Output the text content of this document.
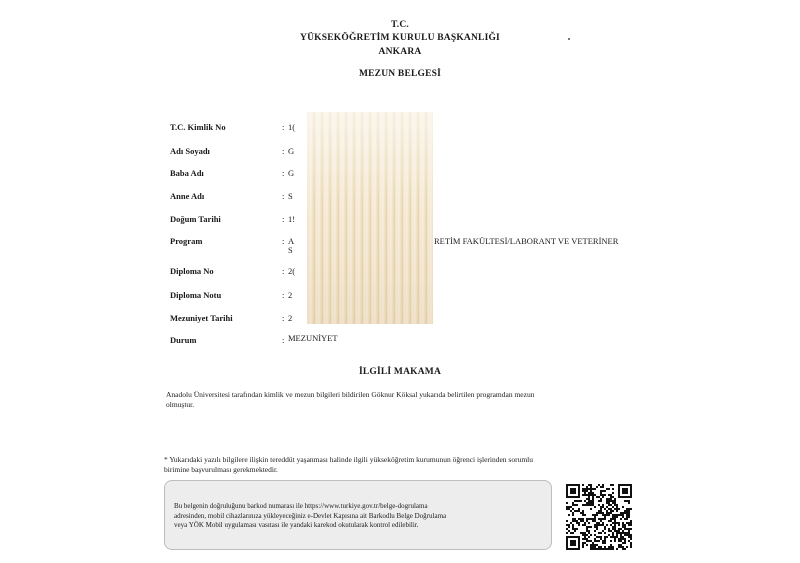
T.C.
YÜKSEKÖĞRETİM KURULU BAŞKANLIĞI
ANKARA
MEZUN BELGESİ
T.C. Kimlik No	: 1(
Adı Soyadı	: G
Baba Adı	: G
Anne Adı	: S
Doğum Tarihi	: 1!
Program	: A
S
RETİM FAKÜLTESİ/LABORANT VE VETERİNER
Diploma No	: 2(
Diploma Notu	: 2
Mezuniyet Tarihi	: 2
Durum	: MEZUNİYET
İLGİLİ MAKAMA
Anadolu Üniversitesi tarafından kimlik ve mezun bilgileri bildirilen Göknur Köksal yukarıda belirtilen programdan mezun
olmuştur.
* Yukarıdaki yazılı bilgilere ilişkin tereddüt yaşanması halinde ilgili yükseköğretim kurumunun öğrenci işlerinden sorumlu
birimine başvurulması gerekmektedir.
Bu belgenin doğruluğunu barkod numarası ile https://www.turkiye.gov.tr/belge-dogrulama
adresinden, mobil cihazlarınıza yükleyeceğiniz e-Devlet Kapısına ait Barkodlu Belge Doğrulama
veya YÖK Mobil uygulaması vasıtası ile yandaki karekod okutularak kontrol edilebilir.
